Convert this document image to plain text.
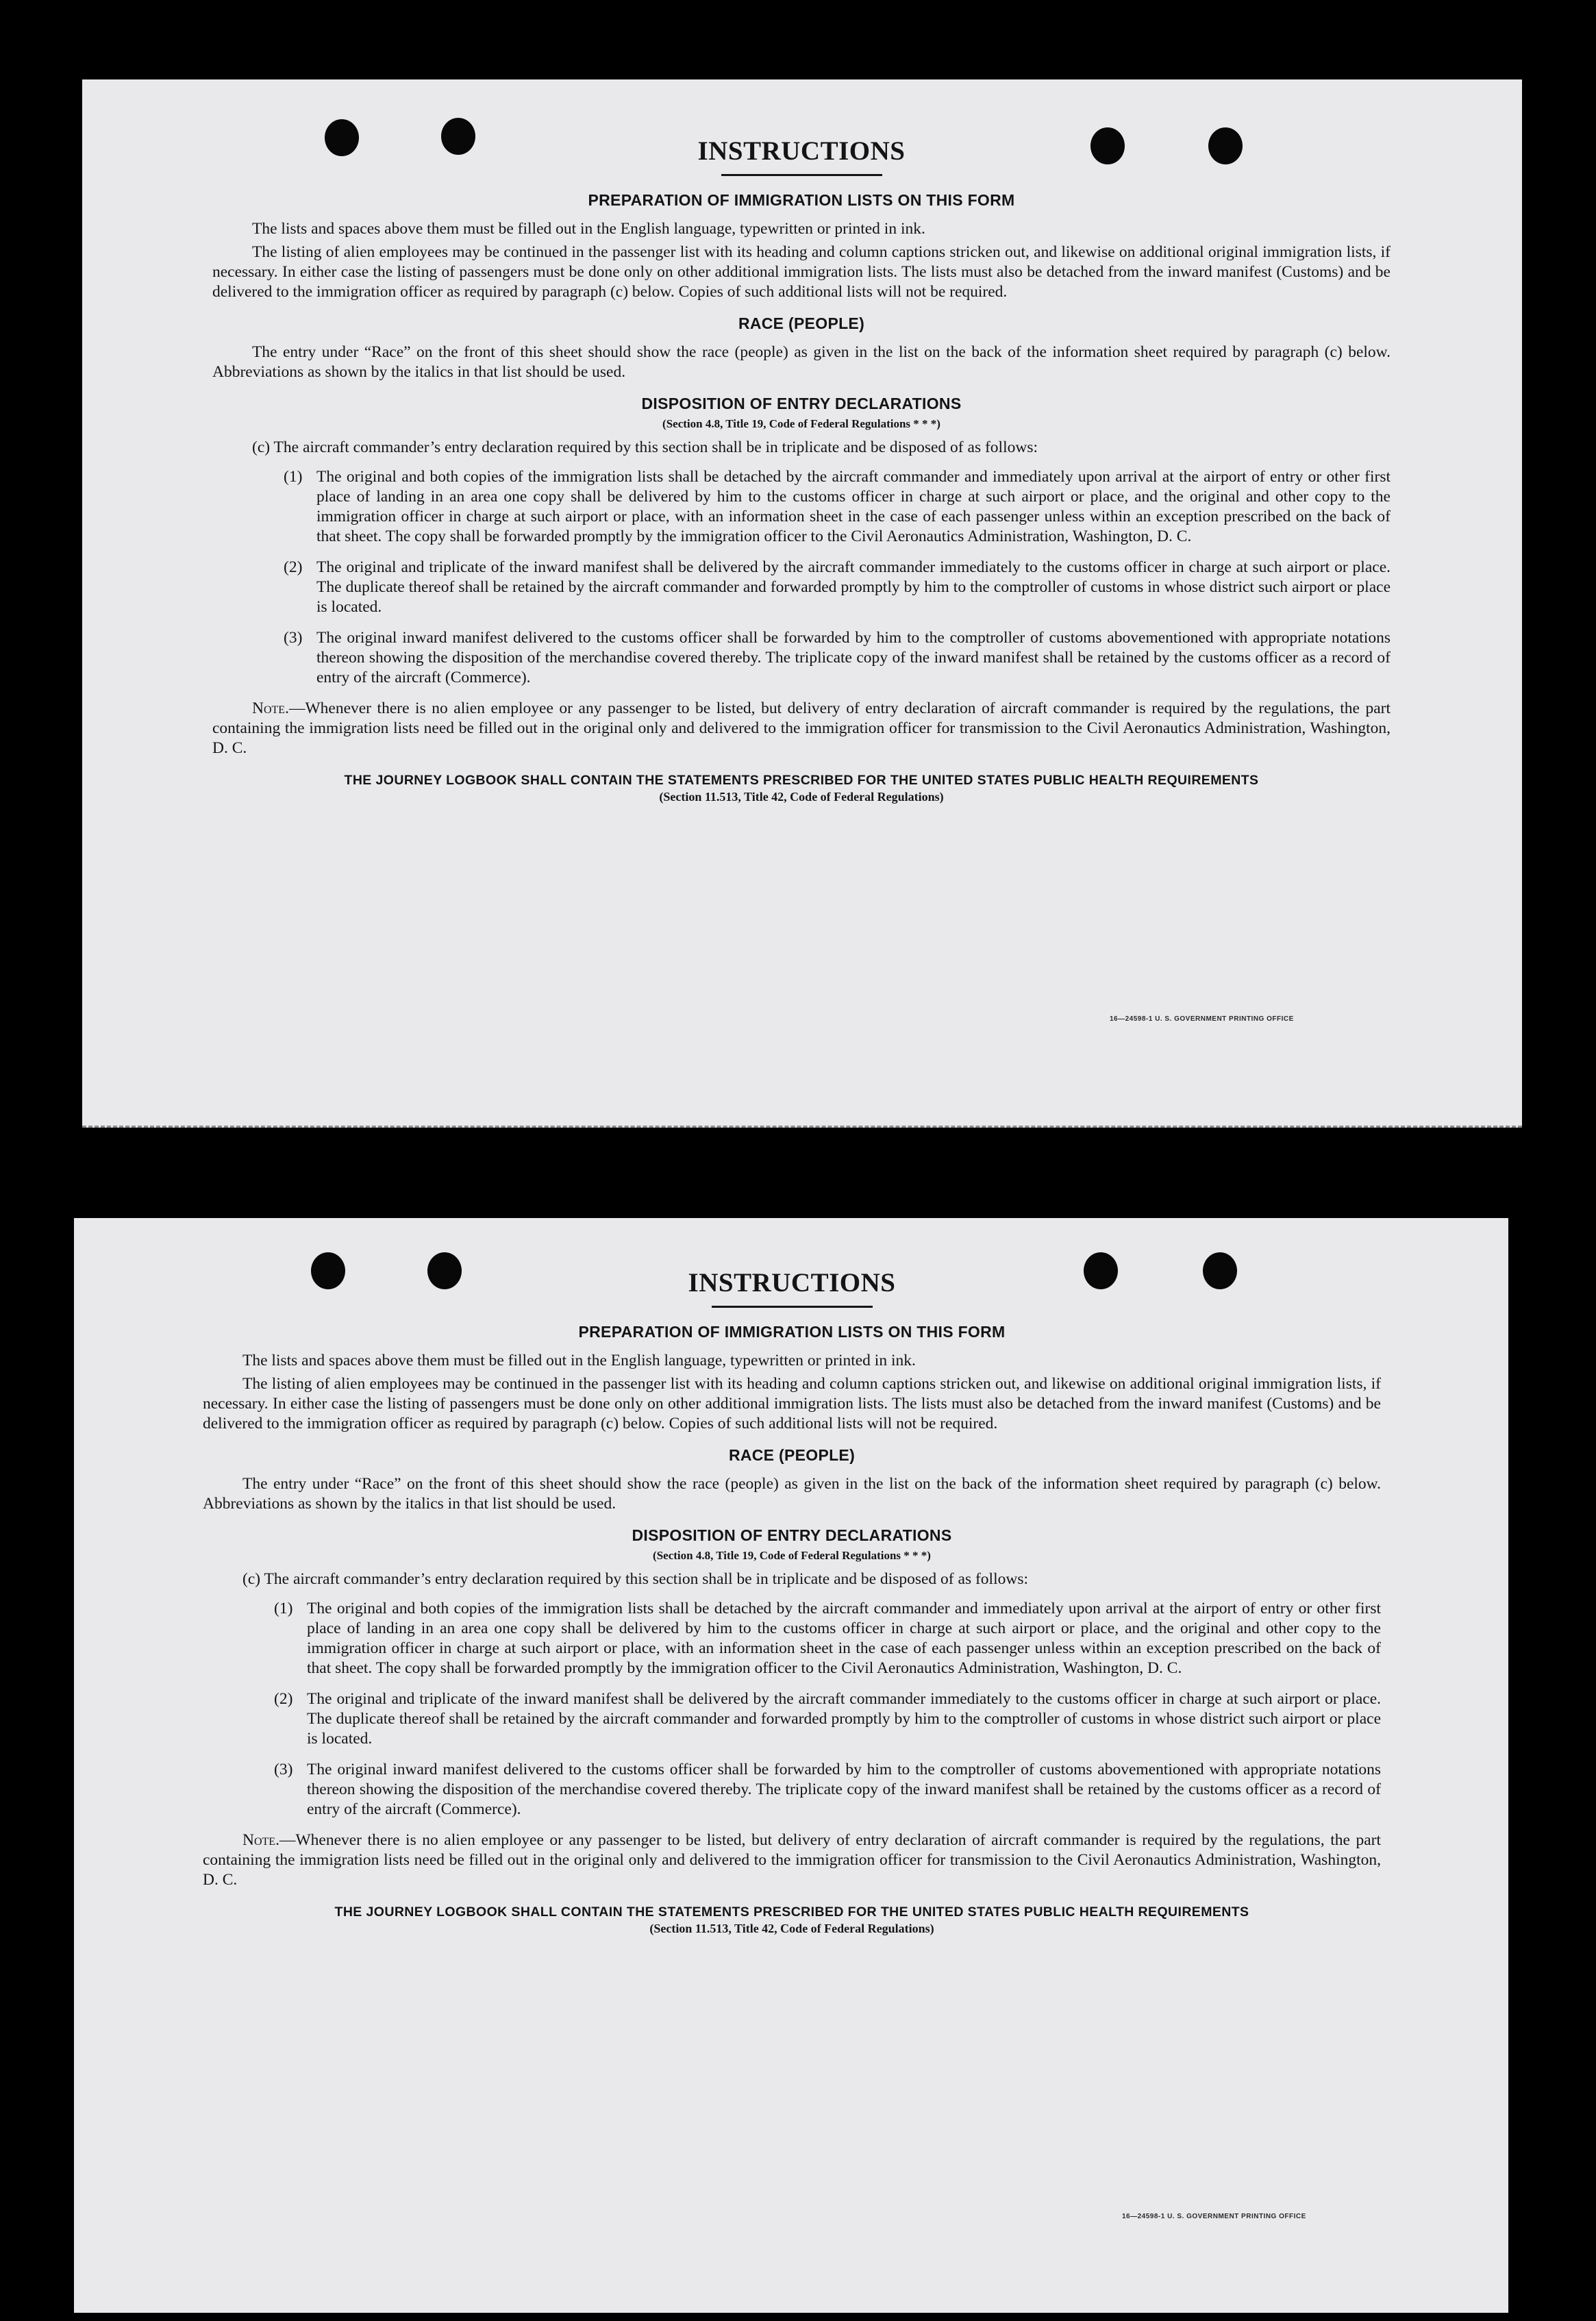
INSTRUCTIONS
PREPARATION OF IMMIGRATION LISTS ON THIS FORM

The lists and spaces above them must be filled out in the English language, typewritten or printed in ink.

The listing of alien employees may be continued in the passenger list with its heading and column captions stricken out, and likewise on additional original immigration lists, if necessary. In either case the listing of passengers must be done only on other additional immigration lists. The lists must also be detached from the inward manifest (Customs) and be delivered to the immigration officer as required by paragraph (c) below. Copies of such additional lists will not be required.

RACE (PEOPLE)

The entry under “Race” on the front of this sheet should show the race (people) as given in the list on the back of the information sheet required by paragraph (c) below. Abbreviations as shown by the italics in that list should be used.

DISPOSITION OF ENTRY DECLARATIONS
(Section 4.8, Title 19, Code of Federal Regulations * * *)

(c) The aircraft commander’s entry declaration required by this section shall be in triplicate and be disposed of as follows:

(1) The original and both copies of the immigration lists shall be detached by the aircraft commander and immediately upon arrival at the airport of entry or other first place of landing in an area one copy shall be delivered by him to the customs officer in charge at such airport or place, and the original and other copy to the immigration officer in charge at such airport or place, with an information sheet in the case of each passenger unless within an exception prescribed on the back of that sheet. The copy shall be forwarded promptly by the immigration officer to the Civil Aeronautics Administration, Washington, D. C.
(2) The original and triplicate of the inward manifest shall be delivered by the aircraft commander immediately to the customs officer in charge at such airport or place. The duplicate thereof shall be retained by the aircraft commander and forwarded promptly by him to the comptroller of customs in whose district such airport or place is located.
(3) The original inward manifest delivered to the customs officer shall be forwarded by him to the comptroller of customs abovementioned with appropriate notations thereon showing the disposition of the merchandise covered thereby. The triplicate copy of the inward manifest shall be retained by the customs officer as a record of entry of the aircraft (Commerce).

Note.—Whenever there is no alien employee or any passenger to be listed, but delivery of entry declaration of aircraft commander is required by the regulations, the part containing the immigration lists need be filled out in the original only and delivered to the immigration officer for transmission to the Civil Aeronautics Administration, Washington, D. C.

THE JOURNEY LOGBOOK SHALL CONTAIN THE STATEMENTS PRESCRIBED FOR THE UNITED STATES PUBLIC HEALTH REQUIREMENTS
(Section 11.513, Title 42, Code of Federal Regulations)
16—24598-1 U. S. GOVERNMENT PRINTING OFFICE
INSTRUCTIONS
PREPARATION OF IMMIGRATION LISTS ON THIS FORM

The lists and spaces above them must be filled out in the English language, typewritten or printed in ink.

The listing of alien employees may be continued in the passenger list with its heading and column captions stricken out, and likewise on additional original immigration lists, if necessary. In either case the listing of passengers must be done only on other additional immigration lists. The lists must also be detached from the inward manifest (Customs) and be delivered to the immigration officer as required by paragraph (c) below. Copies of such additional lists will not be required.

RACE (PEOPLE)

The entry under “Race” on the front of this sheet should show the race (people) as given in the list on the back of the information sheet required by paragraph (c) below. Abbreviations as shown by the italics in that list should be used.

DISPOSITION OF ENTRY DECLARATIONS
(Section 4.8, Title 19, Code of Federal Regulations * * *)

(c) The aircraft commander’s entry declaration required by this section shall be in triplicate and be disposed of as follows:

(1) The original and both copies of the immigration lists shall be detached by the aircraft commander and immediately upon arrival at the airport of entry or other first place of landing in an area one copy shall be delivered by him to the customs officer in charge at such airport or place, and the original and other copy to the immigration officer in charge at such airport or place, with an information sheet in the case of each passenger unless within an exception prescribed on the back of that sheet. The copy shall be forwarded promptly by the immigration officer to the Civil Aeronautics Administration, Washington, D. C.
(2) The original and triplicate of the inward manifest shall be delivered by the aircraft commander immediately to the customs officer in charge at such airport or place. The duplicate thereof shall be retained by the aircraft commander and forwarded promptly by him to the comptroller of customs in whose district such airport or place is located.
(3) The original inward manifest delivered to the customs officer shall be forwarded by him to the comptroller of customs abovementioned with appropriate notations thereon showing the disposition of the merchandise covered thereby. The triplicate copy of the inward manifest shall be retained by the customs officer as a record of entry of the aircraft (Commerce).

Note.—Whenever there is no alien employee or any passenger to be listed, but delivery of entry declaration of aircraft commander is required by the regulations, the part containing the immigration lists need be filled out in the original only and delivered to the immigration officer for transmission to the Civil Aeronautics Administration, Washington, D. C.

THE JOURNEY LOGBOOK SHALL CONTAIN THE STATEMENTS PRESCRIBED FOR THE UNITED STATES PUBLIC HEALTH REQUIREMENTS
(Section 11.513, Title 42, Code of Federal Regulations)
16—24598-1 U. S. GOVERNMENT PRINTING OFFICE
